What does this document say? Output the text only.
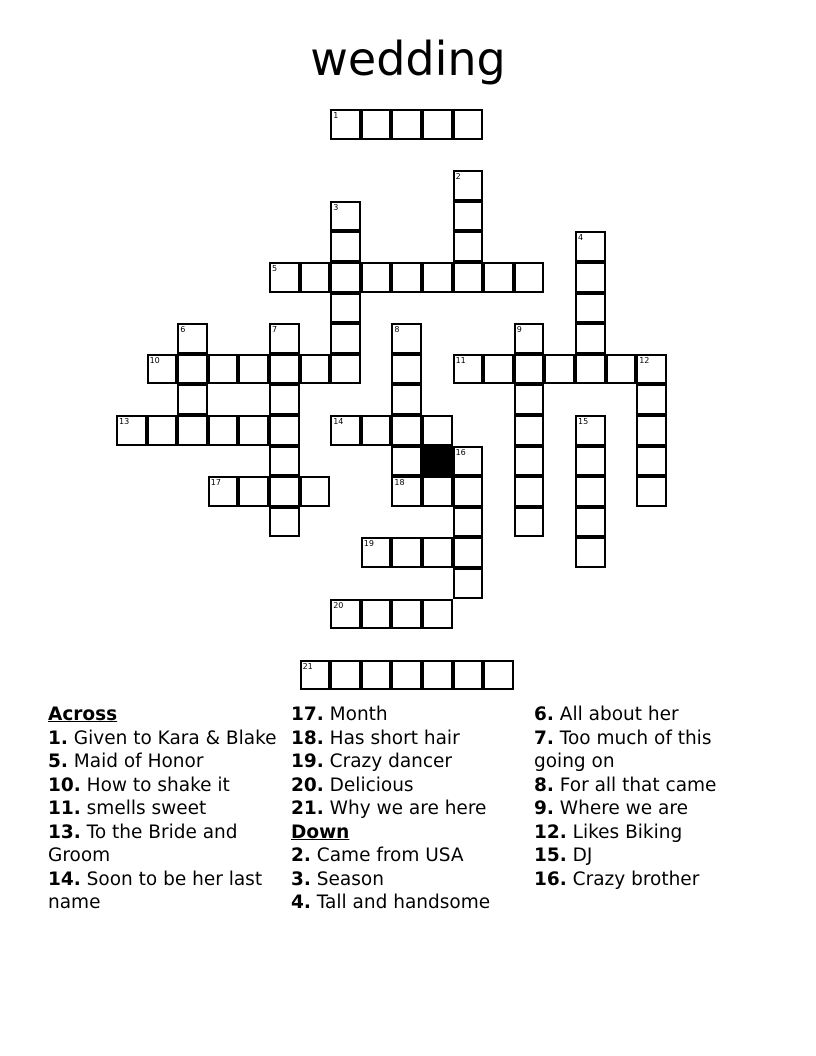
wedding
1
2
3
4
5
6	7	8
18
9
10	11	12
13	14	15
16
17
19
20
21
Across
1. Given to Kara & Blake
5. Maid of Honor
10. How to shake it
11. smells sweet
13. To the Bride and Groom
14. Soon to be her last name
17. Month
18. Has short hair
19. Crazy dancer
20. Delicious
21. Why we are here
Down
2. Came from USA
3. Season
4. Tall and handsome
6. All about her
7. Too much of this going on
8. For all that came
9. Where we are
12. Likes Biking
15. DJ
16. Crazy brother
